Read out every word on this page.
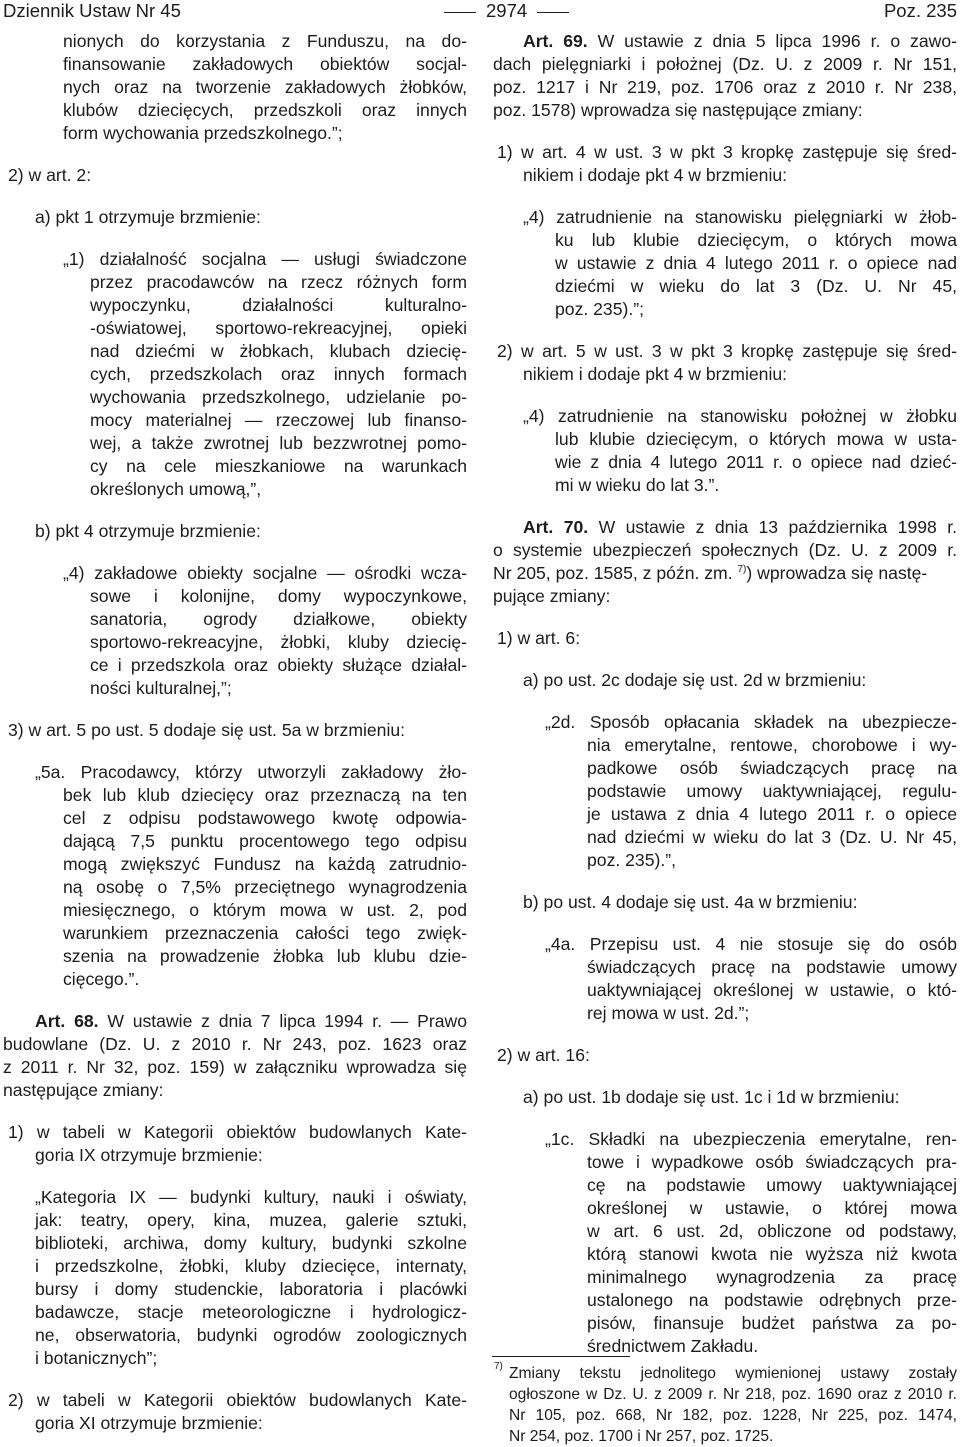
Dziennik Ustaw Nr 45	2974	Poz. 235
nionych do korzystania z Funduszu, na do-
finansowanie zakładowych obiektów socjal-
nych oraz na tworzenie zakładowych żłobków,
klubów dziecięcych, przedszkoli oraz innych
form wychowania przedszkolnego.”;
2) w art. 2:
a) pkt 1 otrzymuje brzmienie:
„1) działalność socjalna — usługi świadczone
przez pracodawców na rzecz różnych form
wypoczynku, działalności kulturalno-
-oświatowej, sportowo-rekreacyjnej, opieki
nad dziećmi w żłobkach, klubach dziecię-
cych, przedszkolach oraz innych formach
wychowania przedszkolnego, udzielanie po-
mocy materialnej — rzeczowej lub finanso-
wej, a także zwrotnej lub bezzwrotnej pomo-
cy na cele mieszkaniowe na warunkach
określonych umową,”,
b) pkt 4 otrzymuje brzmienie:
„4) zakładowe obiekty socjalne — ośrodki wcza-
sowe i kolonijne, domy wypoczynkowe,
sanatoria, ogrody działkowe, obiekty
sportowo-rekreacyjne, żłobki, kluby dziecię-
ce i przedszkola oraz obiekty służące działal-
ności kulturalnej,”;
3) w art. 5 po ust. 5 dodaje się ust. 5a w brzmieniu:
„5a. Pracodawcy, którzy utworzyli zakładowy żło-
bek lub klub dziecięcy oraz przeznaczą na ten
cel z odpisu podstawowego kwotę odpowia-
dającą 7,5 punktu procentowego tego odpisu
mogą zwiększyć Fundusz na każdą zatrudnio-
ną osobę o 7,5% przeciętnego wynagrodzenia
miesięcznego, o którym mowa w ust. 2, pod
warunkiem przeznaczenia całości tego zwięk-
szenia na prowadzenie żłobka lub klubu dzie-
cięcego.”.
Art. 68. W ustawie z dnia 7 lipca 1994 r. — Prawo
budowlane (Dz. U. z 2010 r. Nr 243, poz. 1623 oraz
z 2011 r. Nr 32, poz. 159) w załączniku wprowadza się
następujące zmiany:
1) w tabeli w Kategorii obiektów budowlanych Kate-
goria IX otrzymuje brzmienie:
„Kategoria IX — budynki kultury, nauki i oświaty,
jak: teatry, opery, kina, muzea, galerie sztuki,
biblioteki, archiwa, domy kultury, budynki szkolne
i przedszkolne, żłobki, kluby dziecięce, internaty,
bursy i domy studenckie, laboratoria i placówki
badawcze, stacje meteorologiczne i hydrologicz-
ne, obserwatoria, budynki ogrodów zoologicznych
i botanicznych”;
2) w tabeli w Kategorii obiektów budowlanych Kate-
goria XI otrzymuje brzmienie:
Art. 69. W ustawie z dnia 5 lipca 1996 r. o zawo-
dach pielęgniarki i położnej (Dz. U. z 2009 r. Nr 151,
poz. 1217 i Nr 219, poz. 1706 oraz z 2010 r. Nr 238,
poz. 1578) wprowadza się następujące zmiany:
1) w art. 4 w ust. 3 w pkt 3 kropkę zastępuje się śred-
nikiem i dodaje pkt 4 w brzmieniu:
„4) zatrudnienie na stanowisku pielęgniarki w żłob-
ku lub klubie dziecięcym, o których mowa
w ustawie z dnia 4 lutego 2011 r. o opiece nad
dziećmi w wieku do lat 3 (Dz. U. Nr 45,
poz. 235).”;
2) w art. 5 w ust. 3 w pkt 3 kropkę zastępuje się śred-
nikiem i dodaje pkt 4 w brzmieniu:
„4) zatrudnienie na stanowisku położnej w żłobku
lub klubie dziecięcym, o których mowa w usta-
wie z dnia 4 lutego 2011 r. o opiece nad dzieć-
mi w wieku do lat 3.”.
Art. 70. W ustawie z dnia 13 października 1998 r.
o systemie ubezpieczeń społecznych (Dz. U. z 2009 r.
Nr 205, poz. 1585, z późn. zm. $^{7)}$) wprowadza się nastę-
pujące zmiany:
1) w art. 6:
a) po ust. 2c dodaje się ust. 2d w brzmieniu:
„2d. Sposób opłacania składek na ubezpiecze-
nia emerytalne, rentowe, chorobowe i wy-
padkowe osób świadczących pracę na
podstawie umowy uaktywniającej, regulu-
je ustawa z dnia 4 lutego 2011 r. o opiece
nad dziećmi w wieku do lat 3 (Dz. U. Nr 45,
poz. 235).”,
b) po ust. 4 dodaje się ust. 4a w brzmieniu:
„4a. Przepisu ust. 4 nie stosuje się do osób
świadczących pracę na podstawie umowy
uaktywniającej określonej w ustawie, o któ-
rej mowa w ust. 2d.”;
2) w art. 16:
a) po ust. 1b dodaje się ust. 1c i 1d w brzmieniu:
„1c. Składki na ubezpieczenia emerytalne, ren-
towe i wypadkowe osób świadczących pra-
cę na podstawie umowy uaktywniającej
określonej w ustawie, o której mowa
w art. 6 ust. 2d, obliczone od podstawy,
którą stanowi kwota nie wyższa niż kwota
minimalnego wynagrodzenia za pracę
ustalonego na podstawie odrębnych prze-
pisów, finansuje budżet państwa za po-
średnictwem Zakładu.
$^{7)}$ Zmiany tekstu jednolitego wymienionej ustawy zostały
ogłoszone w Dz. U. z 2009 r. Nr 218, poz. 1690 oraz z 2010 r.
Nr 105, poz. 668, Nr 182, poz. 1228, Nr 225, poz. 1474,
Nr 254, poz. 1700 i Nr 257, poz. 1725.
